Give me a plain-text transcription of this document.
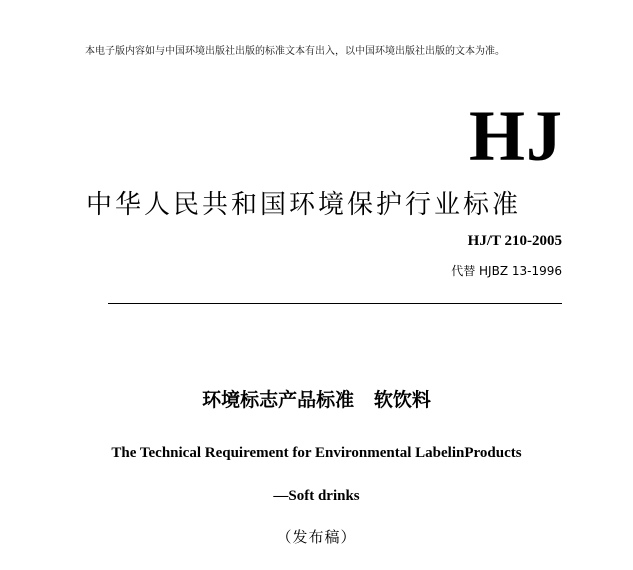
本电子版内容如与中国环境出版社出版的标准文本有出入，以中国环境出版社出版的文本为准。
HJ
中华人民共和国环境保护行业标准
HJ/T 210-2005
代替 HJBZ 13-1996
环境标志产品标准   软饮料
The Technical Requirement for Environmental LabelinProducts
—Soft drinks
（发布稿）
